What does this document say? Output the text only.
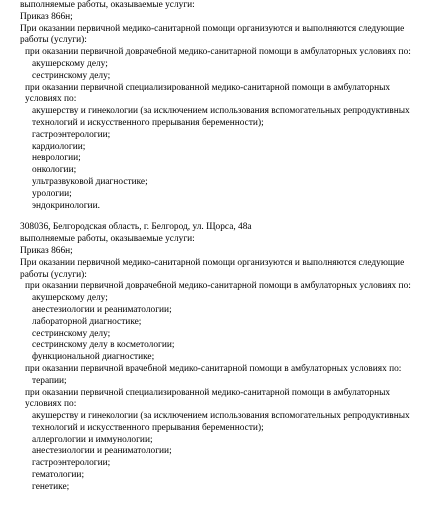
выполняемые работы, оказываемые услуги:
Приказ 866н;
При оказании первичной медико-санитарной помощи организуются и выполняются следующие работы (услуги):
при оказании первичной доврачебной медико-санитарной помощи в амбулаторных условиях по:
акушерскому делу;
сестринскому делу;
при оказании первичной специализированной медико-санитарной помощи в амбулаторных условиях по:
акушерству и гинекологии (за исключением использования вспомогательных репродуктивных технологий и искусственного прерывания беременности);
гастроэнтерологии;
кардиологии;
неврологии;
онкологии;
ультразвуковой диагностике;
урологии;
эндокринологии.
308036, Белгородская область, г. Белгород, ул. Щорса, 48а
выполняемые работы, оказываемые услуги:
Приказ 866н;
При оказании первичной медико-санитарной помощи организуются и выполняются следующие работы (услуги):
при оказании первичной доврачебной медико-санитарной помощи в амбулаторных условиях по:
акушерскому делу;
анестезиологии и реаниматологии;
лабораторной диагностике;
сестринскому делу;
сестринскому делу в косметологии;
функциональной диагностике;
при оказании первичной врачебной медико-санитарной помощи в амбулаторных условиях по:
терапии;
при оказании первичной специализированной медико-санитарной помощи в амбулаторных условиях по:
акушерству и гинекологии (за исключением использования вспомогательных репродуктивных технологий и искусственного прерывания беременности);
аллергологии и иммунологии;
анестезиологии и реаниматологии;
гастроэнтерологии;
гематологии;
генетике;
